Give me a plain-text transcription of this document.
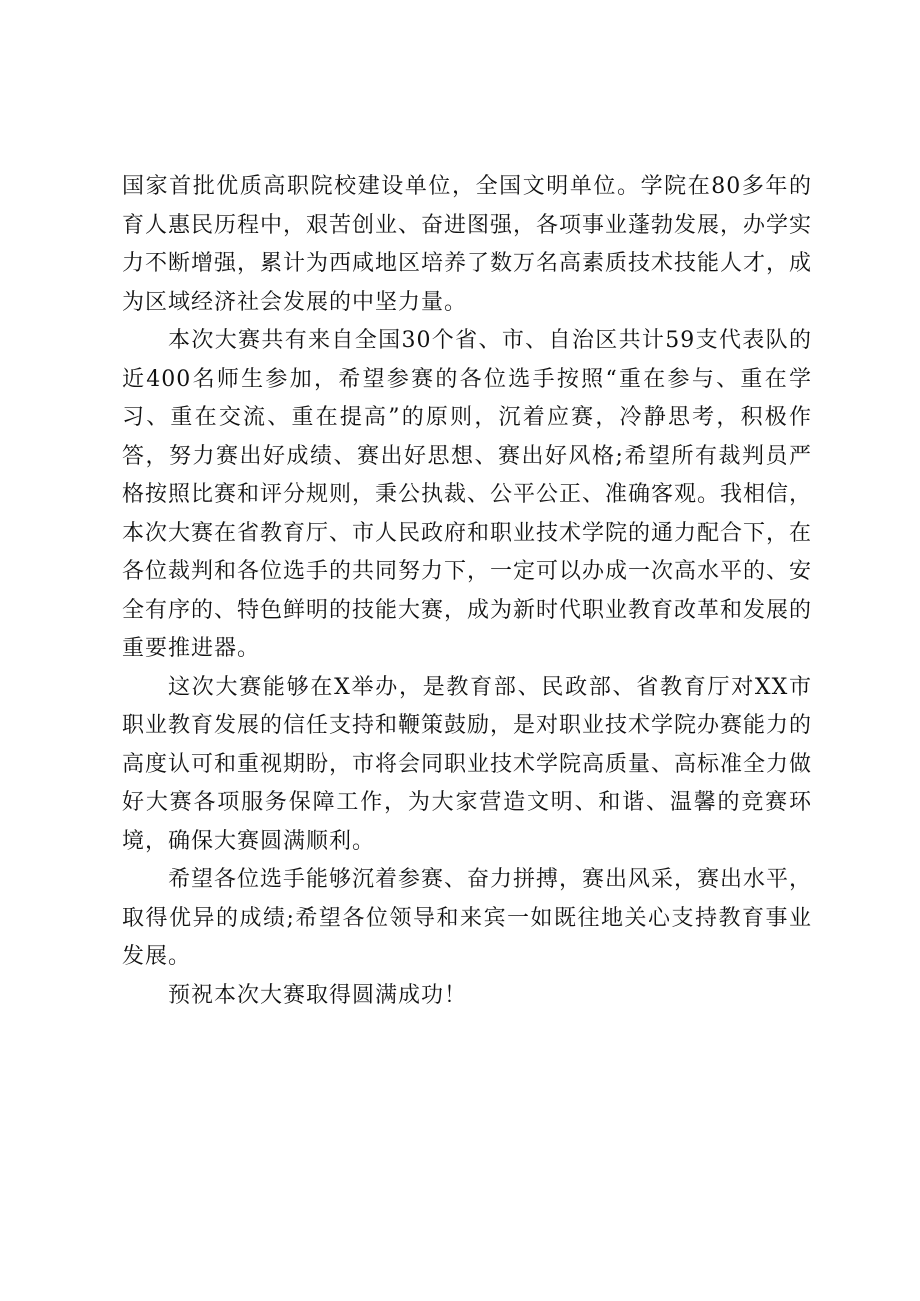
国家首批优质高职院校建设单位，全国文明单位。学院在80多年的育人惠民历程中，艰苦创业、奋进图强，各项事业蓬勃发展，办学实力不断增强，累计为西咸地区培养了数万名高素质技术技能人才，成为区域经济社会发展的中坚力量。

本次大赛共有来自全国30个省、市、自治区共计59支代表队的近400名师生参加，希望参赛的各位选手按照“重在参与、重在学习、重在交流、重在提高”的原则，沉着应赛，冷静思考，积极作答，努力赛出好成绩、赛出好思想、赛出好风格;希望所有裁判员严格按照比赛和评分规则，秉公执裁、公平公正、准确客观。我相信，本次大赛在省教育厅、市人民政府和职业技术学院的通力配合下，在各位裁判和各位选手的共同努力下，一定可以办成一次高水平的、安全有序的、特色鲜明的技能大赛，成为新时代职业教育改革和发展的重要推进器。

这次大赛能够在X举办，是教育部、民政部、省教育厅对XX市职业教育发展的信任支持和鞭策鼓励，是对职业技术学院办赛能力的高度认可和重视期盼，市将会同职业技术学院高质量、高标准全力做好大赛各项服务保障工作，为大家营造文明、和谐、温馨的竞赛环境，确保大赛圆满顺利。

希望各位选手能够沉着参赛、奋力拼搏，赛出风采，赛出水平，取得优异的成绩;希望各位领导和来宾一如既往地关心支持教育事业发展。

预祝本次大赛取得圆满成功！
